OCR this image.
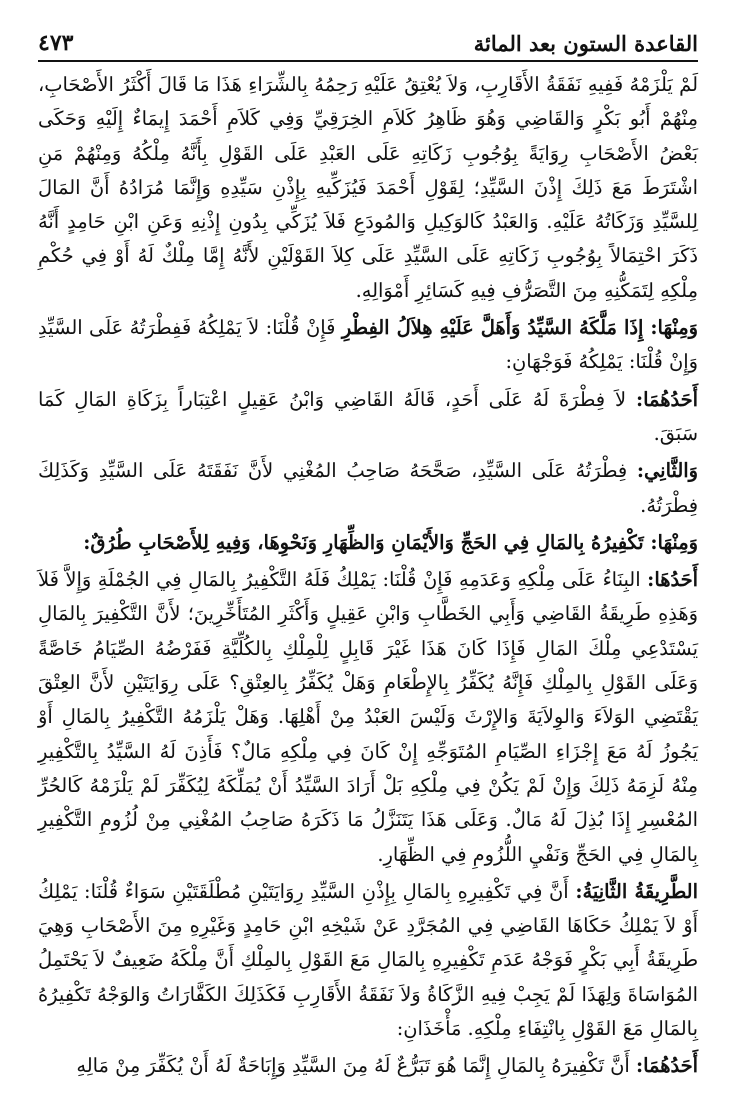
القاعدة الستون بعد المائة
٤٧٣

لَمْ يَلْزَمْهُ فَفِيهِ نَفَقَةُ الأَقَارِبِ، وَلاَ يُعْتِقُ عَلَيْهِ رَحِمُهُ بِالشِّرَاءِ هَذَا مَا قَالَ أَكْثَرُ الأَصْحَابِ، مِنْهُمْ أَبُو بَكْرٍ وَالقَاضِي وَهُوَ ظَاهِرُ كَلاَمِ الخِرَقِيِّ وَفِي كَلاَمِ أَحْمَدَ إِيمَاءٌ إِلَيْهِ وَحَكَى بَعْضُ الأَصْحَابِ رِوَايَةً بِوُجُوبِ زَكَاتِهِ عَلَى العَبْدِ عَلَى القَوْلِ بِأَنَّهُ مِلْكُهُ وَمِنْهُمْ مَنِ اشْتَرَطَ مَعَ ذَلِكَ إِذْنَ السَّيِّدِ؛ لِقَوْلِ أَحْمَدَ فَيُزَكِّيهِ بِإِذْنِ سَيِّدِهِ وَإِنَّمَا مُرَادُهُ أَنَّ المَالَ لِلسَّيِّدِ وَزَكَاتُهُ عَلَيْهِ. وَالعَبْدُ كَالوَكِيلِ وَالمُودَعِ فَلاَ يُزَكِّي بِدُونِ إِذْنِهِ وَعَنِ ابْنِ حَامِدٍ أَنَّهُ ذَكَرَ احْتِمَالاً بِوُجُوبِ زَكَاتِهِ عَلَى السَّيِّدِ عَلَى كِلاَ القَوْلَيْنِ لأَنَّهُ إِمَّا مِلْكٌ لَهُ أَوْ فِي حُكْمِ مِلْكِهِ لِتَمَكُّنِهِ مِنَ التَّصَرُّفِ فِيهِ كَسَائِرِ أَمْوَالِهِ.

وَمِنْهَا: إِذَا مَلَّكَهُ السَّيِّدُ وَأَهَلَّ عَلَيْهِ هِلاَلُ الفِطْرِ فَإِنْ قُلْنَا: لاَ يَمْلِكُهُ فَفِطْرَتُهُ عَلَى السَّيِّدِ وَإِنْ قُلْنَا: يَمْلِكُهُ فَوَجْهَانِ:

أَحَدُهُمَا: لاَ فِطْرَةَ لَهُ عَلَى أَحَدٍ، قَالَهُ القَاضِي وَابْنُ عَقِيلٍ اعْتِبَاراً بِزَكَاةِ المَالِ كَمَا سَبَقَ.

وَالثَّانِي: فِطْرَتُهُ عَلَى السَّيِّدِ، صَحَّحَهُ صَاحِبُ المُغْنِي لأَنَّ نَفَقَتَهُ عَلَى السَّيِّدِ وَكَذَلِكَ فِطْرَتُهُ.

وَمِنْهَا: تَكْفِيرُهُ بِالمَالِ فِي الحَجِّ وَالأَيْمَانِ وَالظِّهَارِ وَنَحْوِهَا، وَفِيهِ لِلأَصْحَابِ طُرُقٌ:

أَحَدُهَا: البِنَاءُ عَلَى مِلْكِهِ وَعَدَمِهِ فَإِنْ قُلْنَا: يَمْلِكُ فَلَهُ التَّكْفِيرُ بِالمَالِ فِي الجُمْلَةِ وَإِلاَّ فَلاَ وَهَذِهِ طَرِيقَةُ القَاضِي وَأَبِي الخَطَّابِ وَابْنِ عَقِيلٍ وَأَكْثَرِ المُتَأَخِّرِينَ؛ لأَنَّ التَّكْفِيرَ بِالمَالِ يَسْتَدْعِي مِلْكَ المَالِ فَإِذَا كَانَ هَذَا غَيْرَ قَابِلٍ لِلْمِلْكِ بِالكُلِّيَّةِ فَفَرْضُهُ الصِّيَامُ خَاصَّةً وَعَلَى القَوْلِ بِالمِلْكِ فَإِنَّهُ يُكَفِّرُ بِالإِطْعَامِ وَهَلْ يُكَفِّرُ بِالعِتْقِ؟ عَلَى رِوَايَتَيْنِ لأَنَّ العِتْقَ يَقْتَضِي الوَلاَءَ وَالوِلاَيَةَ وَالإِرْثَ وَلَيْسَ العَبْدُ مِنْ أَهْلِهَا. وَهَلْ يَلْزَمُهُ التَّكْفِيرُ بِالمَالِ أَوْ يَجُوزُ لَهُ مَعَ إِجْزَاءِ الصِّيَامِ المُتَوَجِّهِ إِنْ كَانَ فِي مِلْكِهِ مَالٌ؟ فَأَذِنَ لَهُ السَّيِّدُ بِالتَّكْفِيرِ مِنْهُ لَزِمَهُ ذَلِكَ وَإِنْ لَمْ يَكُنْ فِي مِلْكِهِ بَلْ أَرَادَ السَّيِّدُ أَنْ يُمَلِّكَهُ لِيُكَفِّرَ لَمْ يَلْزَمْهُ كَالحُرِّ المُعْسِرِ إِذَا بُذِلَ لَهُ مَالٌ. وَعَلَى هَذَا يَتَنَزَّلُ مَا ذَكَرَهُ صَاحِبُ المُغْنِي مِنْ لُزُومِ التَّكْفِيرِ بِالمَالِ فِي الحَجِّ وَنَفْيِ اللُّزُومِ فِي الظِّهَارِ.

الطَّرِيقَةُ الثَّانِيَةُ: أَنَّ فِي تَكْفِيرِهِ بِالمَالِ بِإِذْنِ السَّيِّدِ رِوَايَتَيْنِ مُطْلَقَتَيْنِ سَوَاءٌ قُلْنَا: يَمْلِكُ أَوْ لاَ يَمْلِكُ حَكَاهَا القَاضِي فِي المُجَرَّدِ عَنْ شَيْخِهِ ابْنِ حَامِدٍ وَغَيْرِهِ مِنَ الأَصْحَابِ وَهِيَ طَرِيقَةُ أَبِي بَكْرٍ فَوَجْهُ عَدَمِ تَكْفِيرِهِ بِالمَالِ مَعَ القَوْلِ بِالمِلْكِ أَنَّ مِلْكَهُ ضَعِيفٌ لاَ يَحْتَمِلُ المُوَاسَاةَ وَلِهَذَا لَمْ يَجِبْ فِيهِ الزَّكَاةُ وَلاَ نَفَقَةُ الأَقَارِبِ فَكَذَلِكَ الكَفَّارَاتُ وَالوَجْهُ تَكْفِيرُهُ بِالمَالِ مَعَ القَوْلِ بِانْتِفَاءِ مِلْكِهِ. مَأْخَذَانِ:

أَحَدُهُمَا: أَنَّ تَكْفِيرَهُ بِالمَالِ إِنَّمَا هُوَ تَبَرُّعٌ لَهُ مِنَ السَّيِّدِ وَإِبَاحَةٌ لَهُ أَنْ يُكَفِّرَ مِنْ مَالِهِ
